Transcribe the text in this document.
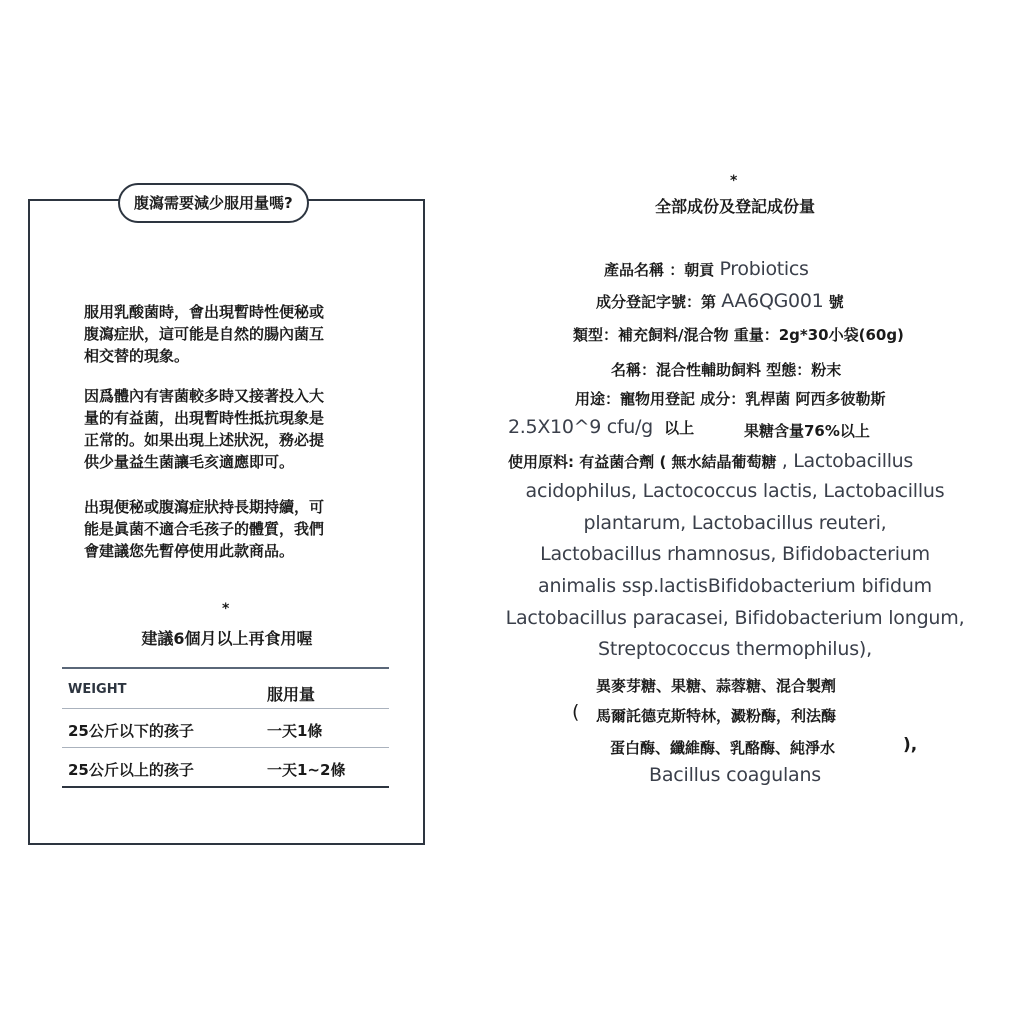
腹瀉需要減少服用量嗎?

服用乳酸菌時，會出現暫時性便秘或
腹瀉症狀，這可能是自然的腸內菌互
相交替的現象。

因爲體內有害菌較多時又接著投入大
量的有益菌，出現暫時性抵抗現象是
正常的。如果出現上述狀況，務必提
供少量益生菌讓毛亥適應即可。

出現便秘或腹瀉症狀持長期持續，可
能是眞菌不適合毛孩子的體質，我們
會建議您先暫停使用此款商品。

*
建議6個月以上再食用喔
WEIGHT	服用量
25公斤以下的孩子	一天1條
25公斤以上的孩子	一天1~2條
*
全部成份及登記成份量
產品名稱 ：朝貢 Probiotics
成分登記字號：第 AA6QG001 號
類型：補充飼料/混合物 重量：2g*30小袋(60g)
名稱：混合性輔助飼料 型態：粉末
用途：寵物用登記 成分：乳桿菌 阿西多彼勒斯
2.5X10^9 cfu/g 以上	果糖含量76%以上
使用原料: 有益菌合劑 ( 無水結晶葡萄糖 , Lactobacillus
acidophilus, Lactococcus lactis, Lactobacillus
plantarum, Lactobacillus reuteri,
Lactobacillus rhamnosus, Bifidobacterium
animalis ssp.lactisBifidobacterium bifidum
Lactobacillus paracasei, Bifidobacterium longum,
Streptococcus thermophilus),
異麥芽糖、果糖、蒜蓉糖、混合製劑
( 馬爾託德克斯特林，澱粉酶，利法酶
蛋白酶、纖維酶、乳酪酶、純淨水	),
Bacillus coagulans
